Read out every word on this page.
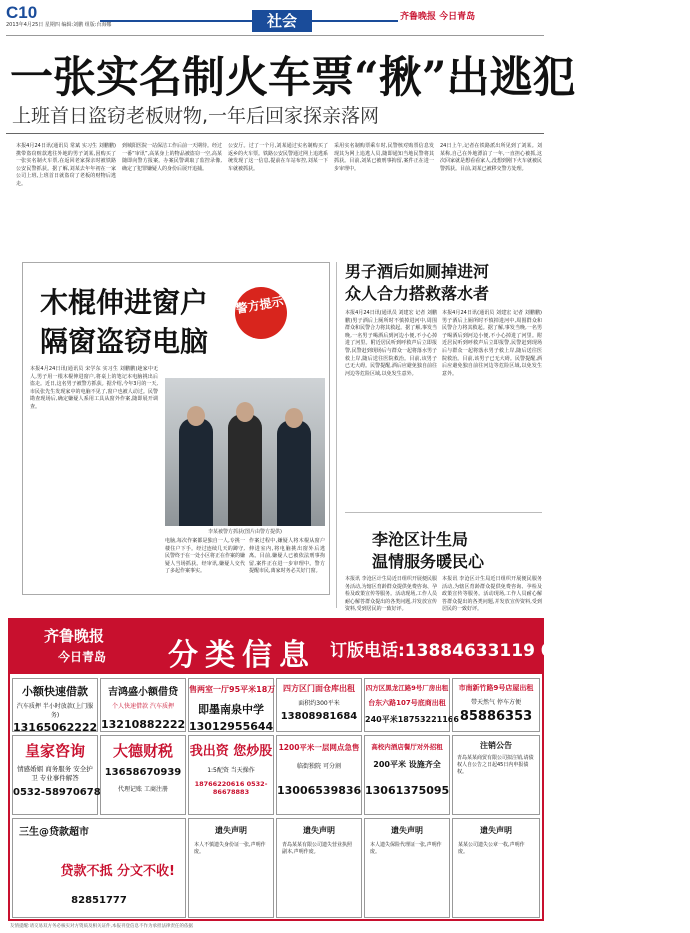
C10
2013年4月25日 星期四 编辑:刘鹏 组版:台海娜	社会	齐鲁晚报 今日青岛
一张实名制火车票“揪”出逃犯
上班首日盗窃老板财物,一年后回家探亲落网
本报4月24日讯(通讯员 常斌 实习生 刘鹏鹏)携带盗窃赃款逃往外地的男子刘某,因购买了一张实名制火车票,在返回老家探亲时被铁路公安民警抓获。据了解,刘某去年年初在一家公司上班,上班首日就盗窃了老板的财物后逃走。
到城阳医院一站保洁工作后前一天期待。经过一番“审讯”,高某身上的物品被盗窃一空,高某随即向警方报案。办案民警调取了监控录像,确定了犯罪嫌疑人的身份后展开追捕。
公安厅。过了一个月,刘某通过实名制购买了返乡的火车票。铁路公安民警通过网上追逃系统发现了这一信息,提前在车站布控,刘某一下车就被抓获。
采用实名制购票乘车时,民警核对购票信息发现其为网上追逃人员,随即通知当地民警将其抓获。目前,刘某已被刑事拘留,案件正在进一步审理中。
24日上午,记者在铁路派出所见到了刘某。刘某称,自己在外地漂泊了一年,一直担心被抓,这次回家就是想看看家人,没想到刚下火车就被民警抓获。目前,刘某已被移交警方处理。
木棍伸进窗户
隔窗盗窃电脑
警方提示
本报4月24日讯(通讯员 宋学东 实习生 刘鹏鹏)趁家中无人,男子用一根木棍伸进窗户,将桌上的笔记本电脑挑出后盗走。近日,这名男子被警方抓获。据介绍,今年3月的一天,市民张先生发现家中的电脑不见了,窗户也被人动过。民警勘查现场后,确定嫌疑人系用工具从窗外作案,随即展开调查。
李某被警方抓获(图片由警方提供)
电脑,每次作案都是独自一人,专挑一楼住户下手。经过连续几天的蹲守,民警终于在一处小区将正在作案的嫌疑人当场抓获。经审讯,嫌疑人交代了多起作案事实。
作案过程中,嫌疑人将木棍从窗户伸进室内,将电脑挑出窗外后逃离。目前,嫌疑人已被依法刑事拘留,案件正在进一步审理中。警方提醒市民,离家时务必关好门窗。
男子酒后如厕掉进河
众人合力搭救落水者
本报4月24日讯(通讯员 刘建宏 记者 刘鹏鹏)男子酒后上厕所时不慎掉进河中,周围群众和民警合力将其救起。据了解,事发当晚,一名男子喝酒后到河边小便,不小心掉进了河里。附近居民听到呼救声后立即报警,民警赶到现场后与群众一起将落水男子救上岸,随后送往医院救治。目前,该男子已无大碍。民警提醒,酒后应避免独自前往河边等危险区域,以免发生意外。
本报4月24日讯(通讯员 刘建宏 记者 刘鹏鹏)男子酒后上厕所时不慎掉进河中,周围群众和民警合力将其救起。据了解,事发当晚,一名男子喝酒后到河边小便,不小心掉进了河里。附近居民听到呼救声后立即报警,民警赶到现场后与群众一起将落水男子救上岸,随后送往医院救治。目前,该男子已无大碍。民警提醒,酒后应避免独自前往河边等危险区域,以免发生意外。
李沧区计生局
温情服务暖民心
本报讯 李沧区计生局近日组织开展便民服务活动,为辖区育龄群众提供免费咨询、孕检及政策宣传等服务。活动现场,工作人员耐心解答群众提出的各类问题,并发放宣传资料,受到居民的一致好评。
本报讯 李沧区计生局近日组织开展便民服务活动,为辖区育龄群众提供免费咨询、孕检及政策宣传等服务。活动现场,工作人员耐心解答群众提出的各类问题,并发放宣传资料,受到居民的一致好评。
齐鲁晚报
今日青岛 分类信息 订版电话:13884633119 0532-81186679
小额快速借款
汽车质押 半小时放款(上门服务)
13165062222
吉鸿盛小额借贷
个人快速借款 汽车质押
13210882222
售两室一厅95平米18万
即墨南泉中学
13012955644
四方区门面仓库出租
面积约300平米
13808981684
四方区黑龙江路9号厂房出租
台东六路107号底商出租
240平米18753221166
市南新竹路9号店屋出租
带天然气 停车方便
85886353
皇家咨询
情感婚姻 商务服务 安全护卫 专业事件解答
0532-58970678
大德财税
13658670939
代理记账 工商注册
我出资 您炒股
1:5配资 当天操作
18766220616 0532-86678883
1200平米一层网点急售
临街独院 可分割
13006539836
高校内酒店餐厅对外招租
200平米 设施齐全
13061375095
注销公告
青岛某某商贸有限公司拟注销,请债权人自公告之日起45日内申报债权。
三生@贷款超市
贷款不抵 分文不收!
82851777
遗失声明
本人不慎遗失身份证一张,声明作废。
遗失声明
青岛某某有限公司遗失营业执照副本,声明作废。
遗失声明
本人遗失保险代理证一张,声明作废。
遗失声明
某某公司遗失公章一枚,声明作废。
友情提醒:请交易双方务必核实对方资质及相关证件,本报刊登信息不作为承担法律责任的依据
